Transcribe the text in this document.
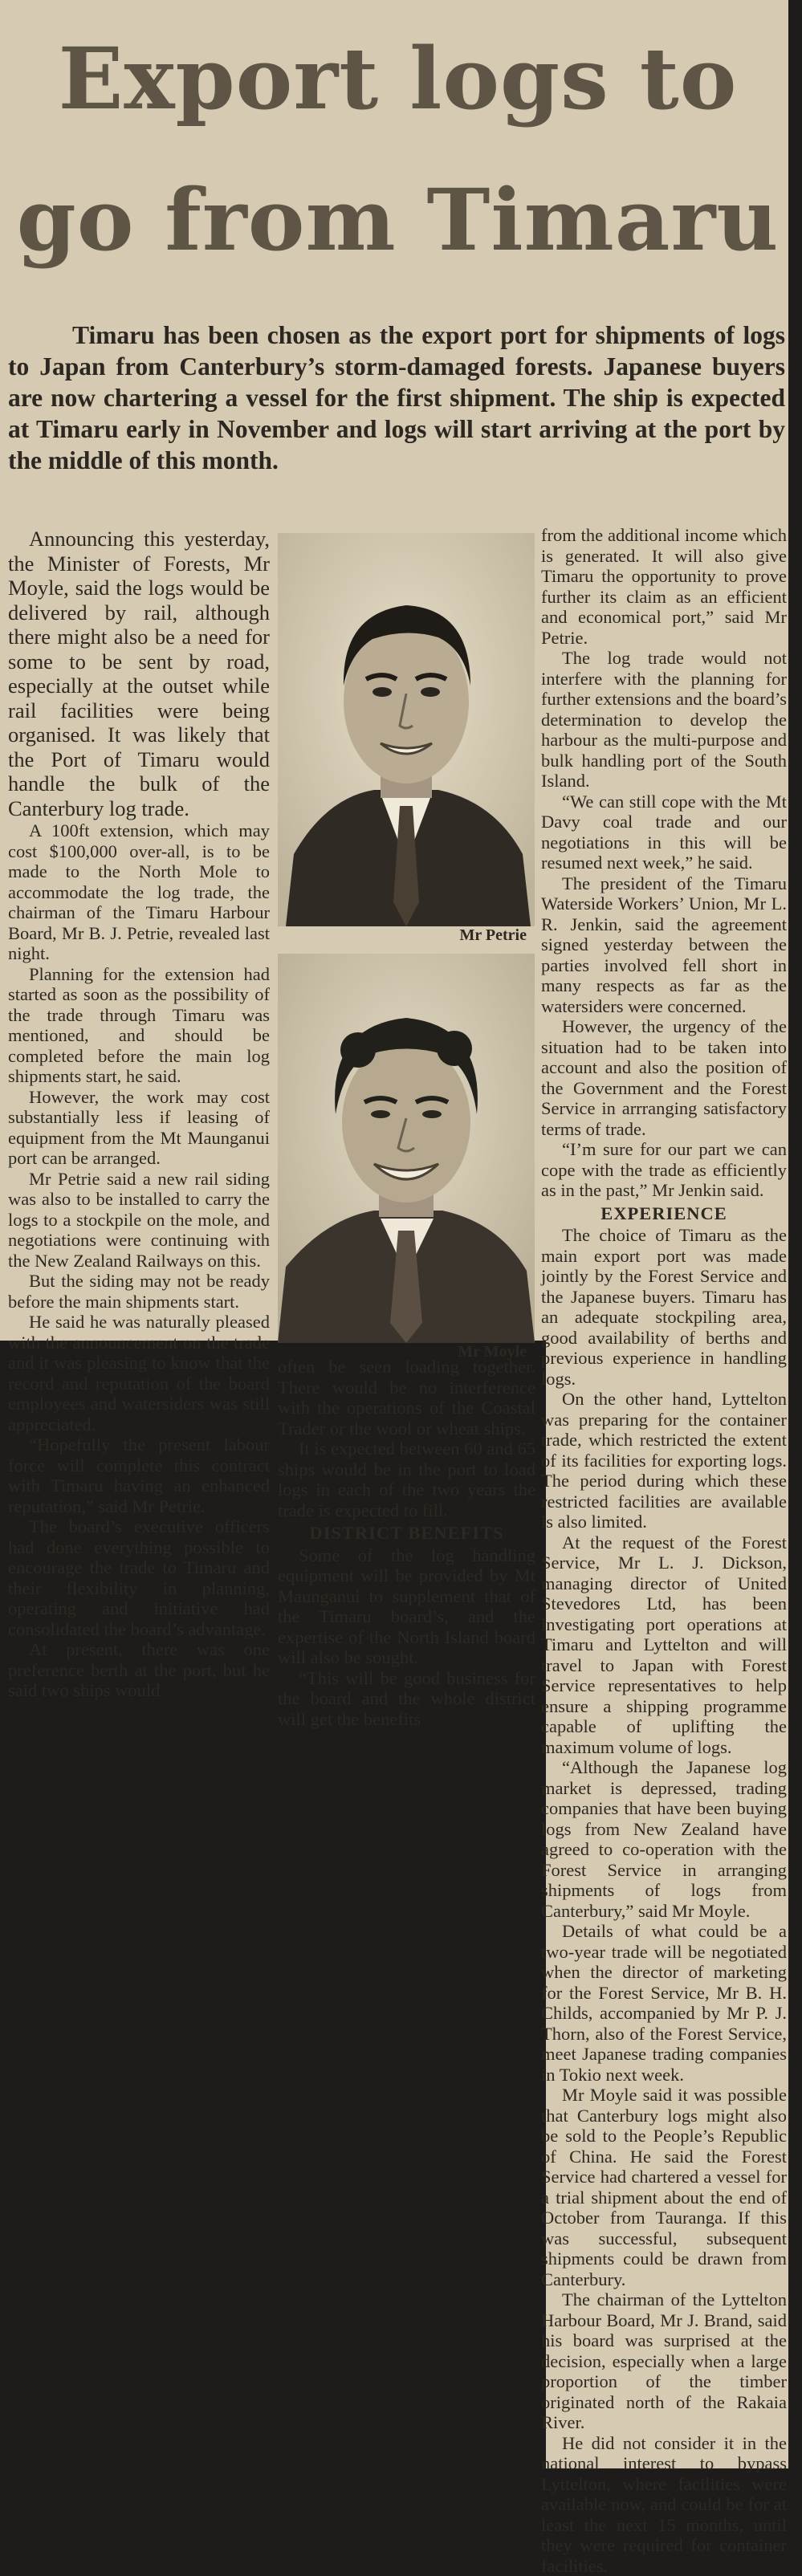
Export logs to
go from Timaru
Timaru has been chosen as the export port for shipments of logs to Japan from Canterbury’s storm-damaged forests. Japanese buyers are now chartering a vessel for the first shipment. The ship is expected at Timaru early in November and logs will start arriving at the port by the middle of this month.

Announcing this yesterday, the Minister of Forests, Mr Moyle, said the logs would be delivered by rail, although there might also be a need for some to be sent by road, especially at the outset while rail facilities were being organised. It was likely that the Port of Timaru would handle the bulk of the Canterbury log trade.

A 100ft extension, which may cost $100,000 over-all, is to be made to the North Mole to accommodate the log trade, the chairman of the Timaru Harbour Board, Mr B. J. Petrie, revealed last night.

Planning for the extension had started as soon as the possibility of the trade through Timaru was mentioned, and should be completed before the main log shipments start, he said.

However, the work may cost substantially less if leasing of equipment from the Mt Maunganui port can be arranged.

Mr Petrie said a new rail siding was also to be installed to carry the logs to a stockpile on the mole, and negotiations were continuing with the New Zealand Railways on this.

But the siding may not be ready before the main shipments start.

He said he was naturally pleased with the announcement on the trade and it was pleasing to know that the record and reputation of the board employees and watersiders was still appreciated.

“Hopefully the present labour force will complete this contract with Timaru having an enhanced reputation,” said Mr Petrie.

The board’s executive officers had done everything possible to encourage the trade to Timaru and their flexibility in planning, operating and initiative had consolidated the board’s advantage.

At present, there was one preference berth at the port, but he said two ships would

Mr Petrie
Mr Moyle

often be seen loading together. There would be no interference with the operations of the Coastal Trader or the wool or wheat ships.

It is expected between 60 and 65 ships would be in the port to load logs in each of the two years the trade is expected to fill.

DISTRICT BENEFITS

Some of the log handling equipment will be provided by Mt Maunganui to supplement that of the Timaru board’s, and the expertise of the North Island board will also be sought.

“This will be good business for the board and the whole district will get the benefits

from the additional income which is generated. It will also give Timaru the opportunity to prove further its claim as an efficient and economical port,” said Mr Petrie.

The log trade would not interfere with the planning for further extensions and the board’s determination to develop the harbour as the multi-purpose and bulk handling port of the South Island.

“We can still cope with the Mt Davy coal trade and our negotiations in this will be resumed next week,” he said.

The president of the Timaru Waterside Workers’ Union, Mr L. R. Jenkin, said the agreement signed yesterday between the parties involved fell short in many respects as far as the watersiders were concerned.

However, the urgency of the situation had to be taken into account and also the position of the Government and the Forest Service in arrranging satisfactory terms of trade.

“I’m sure for our part we can cope with the trade as efficiently as in the past,” Mr Jenkin said.

EXPERIENCE

The choice of Timaru as the main export port was made jointly by the Forest Service and the Japanese buyers. Timaru has an adequate stockpiling area, good availability of berths and previous experience in handling logs.

On the other hand, Lyttelton was preparing for the container trade, which restricted the extent of its facilities for exporting logs. The period during which these restricted facilities are available is also limited.

At the request of the Forest Service, Mr L. J. Dickson, managing director of United Stevedores Ltd, has been investigating port operations at Timaru and Lyttelton and will travel to Japan with Forest Service representatives to help ensure a shipping programme capable of uplifting the maximum volume of logs.

“Although the Japanese log market is depressed, trading companies that have been buying logs from New Zealand have agreed to co-operation with the Forest Service in arranging shipments of logs from Canterbury,” said Mr Moyle.

Details of what could be a two-year trade will be negotiated when the director of marketing for the Forest Service, Mr B. H. Childs, accompanied by Mr P. J. Thorn, also of the Forest Service, meet Japanese trading companies in Tokio next week.

Mr Moyle said it was possible that Canterbury logs might also be sold to the People’s Republic of China. He said the Forest Service had chartered a vessel for a trial shipment about the end of October from Tauranga. If this was successful, subsequent shipments could be drawn from Canterbury.

The chairman of the Lyttelton Harbour Board, Mr J. Brand, said his board was surprised at the decision, especially when a large proportion of the timber originated north of the Rakaia River.

He did not consider it in the national interest to bypass Lyttelton, where facilities were available now, and could be for at least the next 15 months, until they were required for container facilities.
